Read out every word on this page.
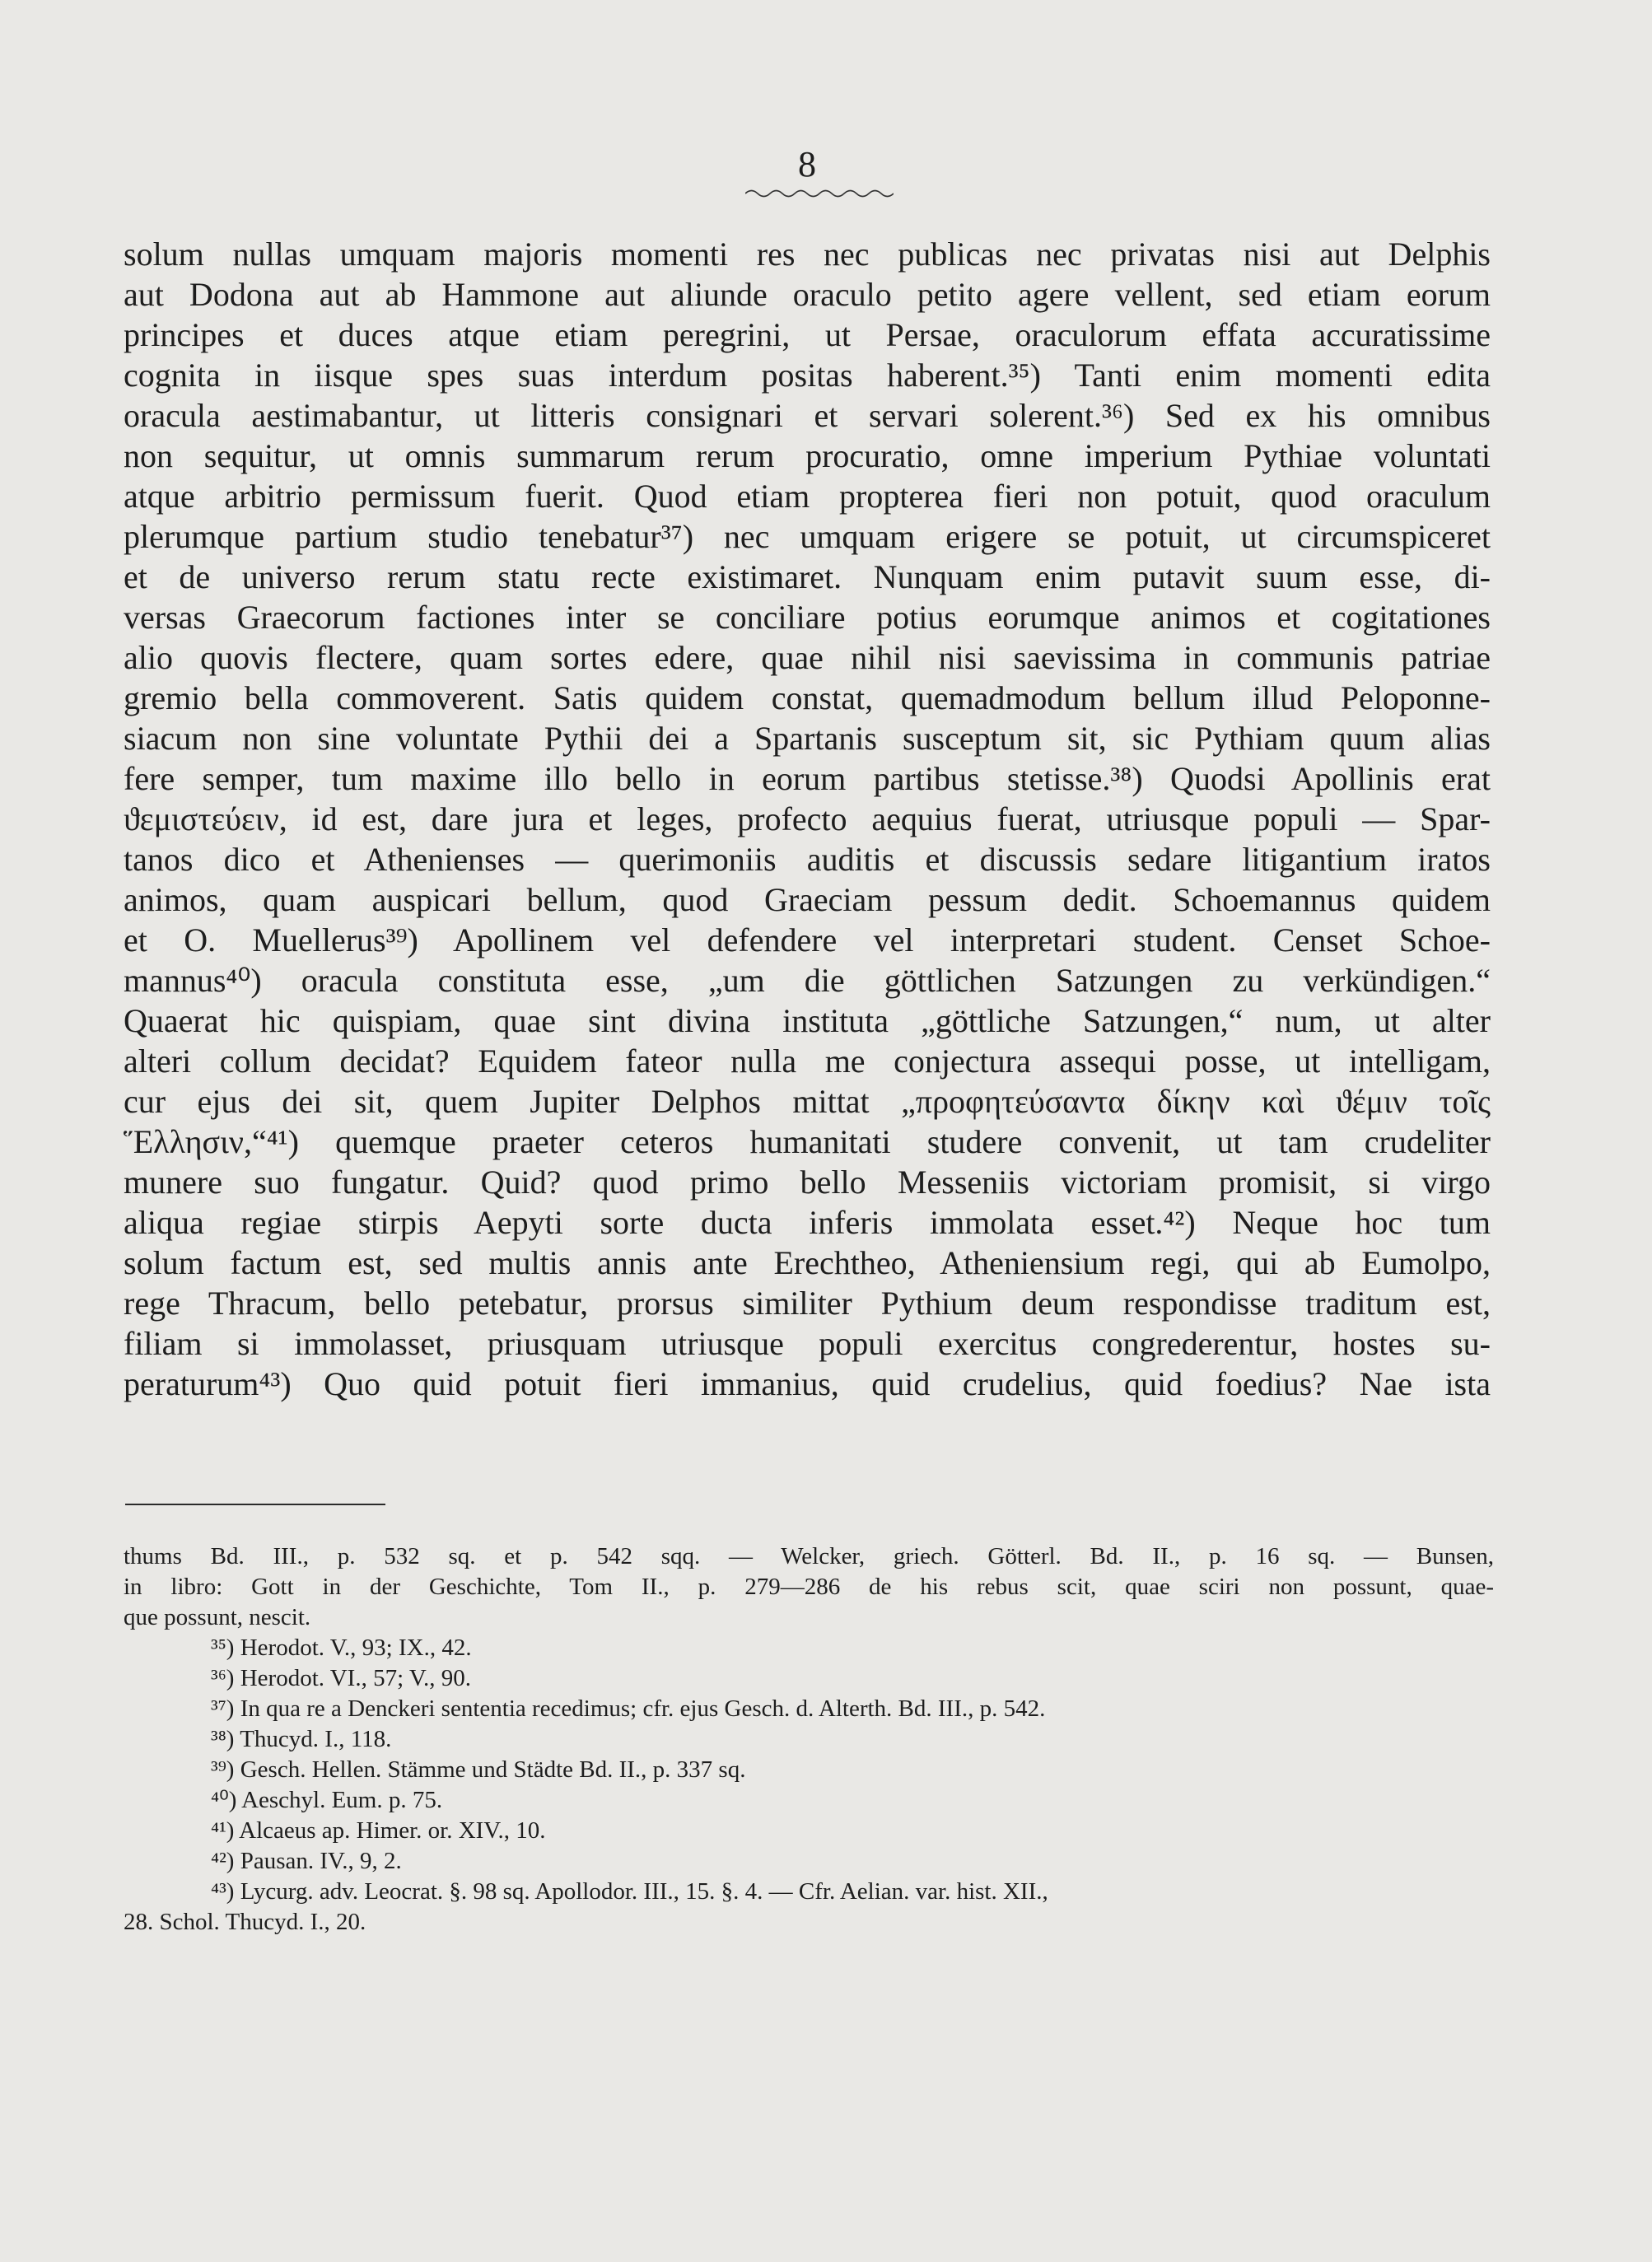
8
solum nullas umquam majoris momenti res nec publicas nec privatas nisi aut Delphis
aut Dodona aut ab Hammone aut aliunde oraculo petito agere vellent, sed etiam eorum
principes et duces atque etiam peregrini, ut Persae, oraculorum effata accuratissime
cognita in iisque spes suas interdum positas haberent.³⁵) Tanti enim momenti edita
oracula aestimabantur, ut litteris consignari et servari solerent.³⁶) Sed ex his omnibus
non sequitur, ut omnis summarum rerum procuratio, omne imperium Pythiae voluntati
atque arbitrio permissum fuerit. Quod etiam propterea fieri non potuit, quod oraculum
plerumque partium studio tenebatur³⁷) nec umquam erigere se potuit, ut circumspiceret
et de universo rerum statu recte existimaret. Nunquam enim putavit suum esse, di-
versas Graecorum factiones inter se conciliare potius eorumque animos et cogitationes
alio quovis flectere, quam sortes edere, quae nihil nisi saevissima in communis patriae
gremio bella commoverent. Satis quidem constat, quemadmodum bellum illud Peloponne-
siacum non sine voluntate Pythii dei a Spartanis susceptum sit, sic Pythiam quum alias
fere semper, tum maxime illo bello in eorum partibus stetisse.³⁸) Quodsi Apollinis erat
ϑεμιστεύειν, id est, dare jura et leges, profecto aequius fuerat, utriusque populi — Spar-
tanos dico et Athenienses — querimoniis auditis et discussis sedare litigantium iratos
animos, quam auspicari bellum, quod Graeciam pessum dedit. Schoemannus quidem
et O. Muellerus³⁹) Apollinem vel defendere vel interpretari student. Censet Schoe-
mannus⁴⁰) oracula constituta esse, „um die göttlichen Satzungen zu verkündigen.“
Quaerat hic quispiam, quae sint divina instituta „göttliche Satzungen,“ num, ut alter
alteri collum decidat? Equidem fateor nulla me conjectura assequi posse, ut intelligam,
cur ejus dei sit, quem Jupiter Delphos mittat „προφητεύσαντα δίκην καὶ ϑέμιν τοῖς
Ἕλλησιν,“⁴¹) quemque praeter ceteros humanitati studere convenit, ut tam crudeliter
munere suo fungatur. Quid? quod primo bello Messeniis victoriam promisit, si virgo
aliqua regiae stirpis Aepyti sorte ducta inferis immolata esset.⁴²) Neque hoc tum
solum factum est, sed multis annis ante Erechtheo, Atheniensium regi, qui ab Eumolpo,
rege Thracum, bello petebatur, prorsus similiter Pythium deum respondisse traditum est,
filiam si immolasset, priusquam utriusque populi exercitus congrederentur, hostes su-
peraturum⁴³) Quo quid potuit fieri immanius, quid crudelius, quid foedius? Nae ista
thums Bd. III., p. 532 sq. et p. 542 sqq. — Welcker, griech. Götterl. Bd. II., p. 16 sq. — Bunsen,
in libro: Gott in der Geschichte, Tom II., p. 279—286 de his rebus scit, quae sciri non possunt, quae-
que possunt, nescit.
³⁵) Herodot. V., 93; IX., 42.
³⁶) Herodot. VI., 57; V., 90.
³⁷) In qua re a Denckeri sententia recedimus; cfr. ejus Gesch. d. Alterth. Bd. III., p. 542.
³⁸) Thucyd. I., 118.
³⁹) Gesch. Hellen. Stämme und Städte Bd. II., p. 337 sq.
⁴⁰) Aeschyl. Eum. p. 75.
⁴¹) Alcaeus ap. Himer. or. XIV., 10.
⁴²) Pausan. IV., 9, 2.
⁴³) Lycurg. adv. Leocrat. §. 98 sq. Apollodor. III., 15. §. 4. — Cfr. Aelian. var. hist. XII.,
28. Schol. Thucyd. I., 20.
